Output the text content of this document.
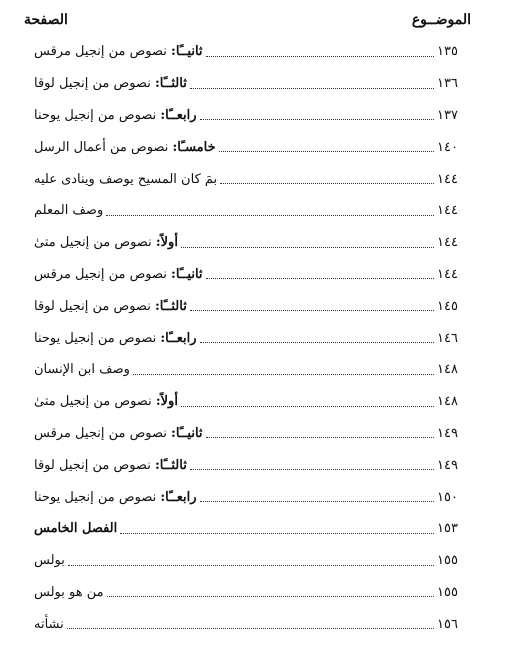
الموضــوع
الصفحة
ثانيــًا: نصوص من إنجيل مرقس	١٣٥
ثالثــًا: نصوص من إنجيل لوقا	١٣٦
رابعــًا: نصوص من إنجيل يوحنا	١٣٧
خامسـًا: نصوص من أعمال الرسل	١٤٠
بمَ كان المسيح يوصف وينادى عليه	١٤٤
وصف المعلم	١٤٤
أولاً: نصوص من إنجيل متىٰ	١٤٤
ثانيــًا: نصوص من إنجيل مرقس	١٤٤
ثالثــًا: نصوص من إنجيل لوقا	١٤٥
رابعــًا: نصوص من إنجيل يوحنا	١٤٦
وصف ابن الإنسان	١٤٨
أولاً: نصوص من إنجيل متىٰ	١٤٨
ثانيــًا: نصوص من إنجيل مرقس	١٤٩
ثالثــًا: نصوص من إنجيل لوقا	١٤٩
رابعــًا: نصوص من إنجيل يوحنا	١٥٠
الفصل الخامس	١٥٣
بولس	١٥٥
من هو بولس	١٥٥
نشأته	١٥٦
